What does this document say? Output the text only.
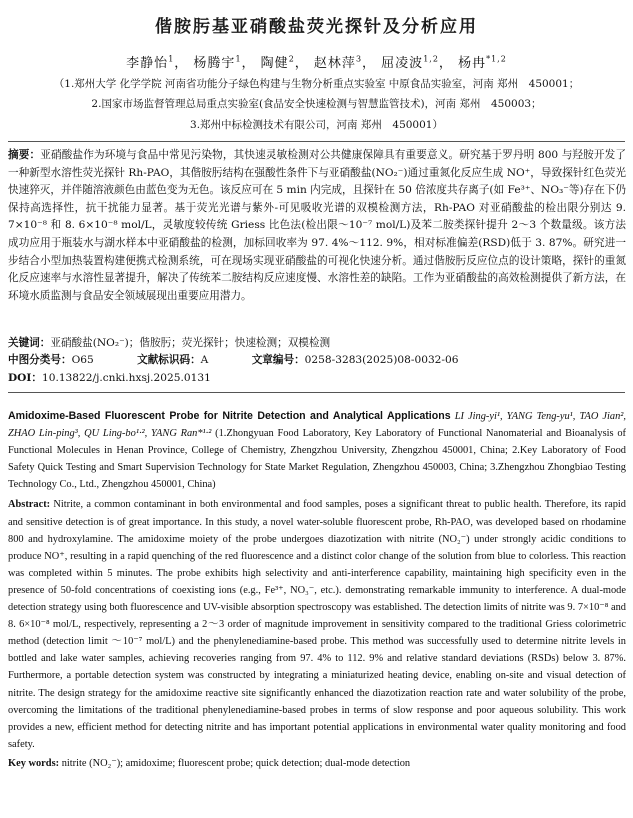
偕胺肟基亚硝酸盐荧光探针及分析应用
李静怡$^1$， 杨腾宇$^1$， 陶健$^2$， 赵林萍$^3$， 屈凌波$^{1,2}$， 杨冉$^{*1,2}$
（1.郑州大学 化学学院 河南省功能分子绿色构建与生物分析重点实验室 中原食品实验室，河南 郑州　450001；
2.国家市场监督管理总局重点实验室(食品安全快速检测与智慧监管技术)，河南 郑州　450003；
3.郑州中标检测技术有限公司，河南 郑州　450001）
摘要：亚硝酸盐作为环境与食品中常见污染物，其快速灵敏检测对公共健康保障具有重要意义。研究基于罗丹明 800 与羟胺开发了一种新型水溶性荧光探针 Rh-PAO，其偕胺肟结构在强酸性条件下与亚硝酸盐(NO₂⁻)通过重氮化反应生成 NO⁺，导致探针红色荧光快速猝灭，并伴随溶液颜色由蓝色变为无色。该反应可在 5 min 内完成，且探针在 50 倍浓度共存离子(如 Fe³⁺、NO₃⁻等)存在下仍保持高选择性，抗干扰能力显著。基于荧光光谱与紫外-可见吸收光谱的双模检测方法，Rh-PAO 对亚硝酸盐的检出限分别达 9. 7×10⁻⁸ 和 8. 6×10⁻⁸ mol/L，灵敏度较传统 Griess 比色法(检出限～10⁻⁷ mol/L)及苯二胺类探针提升 2～3 个数量级。该方法成功应用于瓶装水与湖水样本中亚硝酸盐的检测，加标回收率为 97. 4%～112. 9%，相对标准偏差(RSD)低于 3. 87%。研究进一步结合小型加热装置构建便携式检测系统，可在现场实现亚硝酸盐的可视化快速分析。通过偕胺肟反应位点的设计策略，探针的重氮化反应速率与水溶性显著提升，解决了传统苯二胺结构反应速度慢、水溶性差的缺陷。工作为亚硝酸盐的高效检测提供了新方法，在环境水质监测与食品安全领域展现出重要应用潜力。
关键词：亚硝酸盐(NO₂⁻)；偕胺肟；荧光探针；快速检测；双模检测
中图分类号：O65	文献标识码：A	文章编号：0258-3283(2025)08-0032-06
DOI：10.13822/j.cnki.hxsj.2025.0131
Amidoxime-Based Fluorescent Probe for Nitrite Detection and Analytical Applications LI Jing-yi¹, YANG Teng-yu¹, TAO Jian², ZHAO Lin-ping³, QU Ling-bo¹·², YANG Ran*¹·² (1.Zhongyuan Food Laboratory, Key Laboratory of Functional Nanomaterial and Bioanalysis of Functional Molecules in Henan Province, College of Chemistry, Zhengzhou University, Zhengzhou 450001, China; 2.Key Laboratory of Food Safety Quick Testing and Smart Supervision Technology for State Market Regulation, Zhengzhou 450003, China; 3.Zhengzhou Zhongbiao Testing Technology Co., Ltd., Zhengzhou 450001, China)
Abstract: Nitrite, a common contaminant in both environmental and food samples, poses a significant threat to public health. Therefore, its rapid and sensitive detection is of great importance. In this study, a novel water-soluble fluorescent probe, Rh-PAO, was developed based on rhodamine 800 and hydroxylamine. The amidoxime moiety of the probe undergoes diazotization with nitrite (NO₂⁻) under strongly acidic conditions to produce NO⁺, resulting in a rapid quenching of the red fluorescence and a distinct color change of the solution from blue to colorless. This reaction was completed within 5 minutes. The probe exhibits high selectivity and anti-interference capability, maintaining high specificity even in the presence of 50-fold concentrations of coexisting ions (e.g., Fe³⁺, NO₃⁻, etc.). demonstrating remarkable immunity to interference. A dual-mode detection strategy using both fluorescence and UV-visible absorption spectroscopy was established. The detection limits of nitrite was 9. 7×10⁻⁸ and 8. 6×10⁻⁸ mol/L, respectively, representing a 2～3 order of magnitude improvement in sensitivity compared to the traditional Griess colorimetric method (detection limit ～10⁻⁷ mol/L) and the phenylenediamine-based probe. This method was successfully used to determine nitrite levels in bottled and lake water samples, achieving recoveries ranging from 97. 4% to 112. 9% and relative standard deviations (RSDs) below 3. 87%. Furthermore, a portable detection system was constructed by integrating a miniaturized heating device, enabling on-site and visual detection of nitrite. The design strategy for the amidoxime reactive site significantly enhanced the diazotization reaction rate and water solubility of the probe, overcoming the limitations of the traditional phenylenediamine-based probes in terms of slow response and poor aqueous solubility. This work provides a new, efficient method for detecting nitrite and has important potential applications in environmental water quality monitoring and food safety.
Key words: nitrite (NO₂⁻); amidoxime; fluorescent probe; quick detection; dual-mode detection
